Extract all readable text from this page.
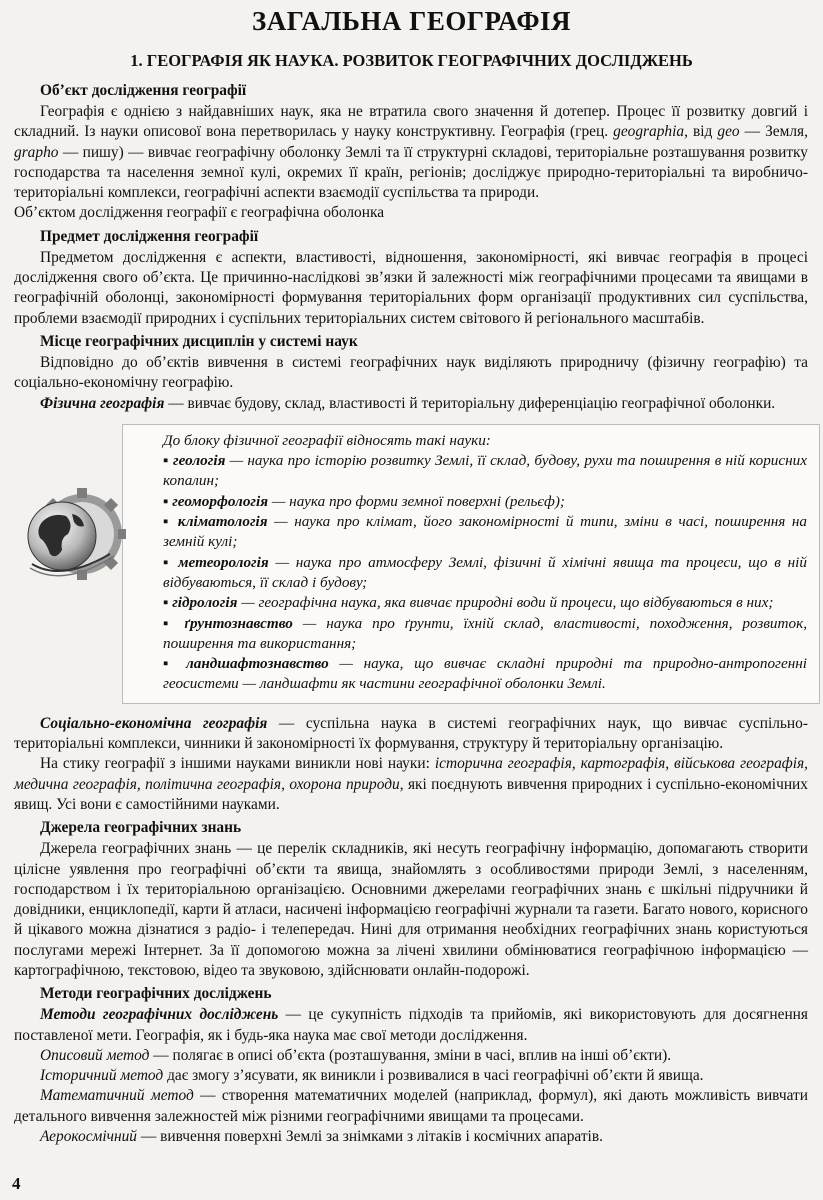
ЗАГАЛЬНА ГЕОГРАФІЯ
1. ГЕОГРАФІЯ ЯК НАУКА. РОЗВИТОК ГЕОГРАФІЧНИХ ДОСЛІДЖЕНЬ
Об’єкт дослідження географії

Географія є однією з найдавніших наук, яка не втратила свого значення й дотепер. Процес її розвитку довгий і складний. Із науки описової вона перетворилась у науку конструктивну. Географія (грец. geographia, від geo — Земля, grapho — пишу) — вивчає географічну оболонку Землі та її структурні складові, територіальне розташування розвитку господарства та населення земної кулі, окремих її країн, регіонів; досліджує природно-територіальні та виробничо-територіальні комплекси, географічні аспекти взаємодії суспільства та природи.

Об’єктом дослідження географії є географічна оболонка

Предмет дослідження географії

Предметом дослідження є аспекти, властивості, відношення, закономірності, які вивчає географія в процесі дослідження свого об’єкта. Це причинно-наслідкові зв’язки й залежності між географічними процесами та явищами в географічній оболонці, закономірності формування територіальних форм організації продуктивних сил суспільства, проблеми взаємодії природних і суспільних територіальних систем світового й регіонального масштабів.

Місце географічних дисциплін у системі наук

Відповідно до об’єктів вивчення в системі географічних наук виділяють природничу (фізичну географію) та соціально-економічну географію.

Фізична географія — вивчає будову, склад, властивості й територіальну диференціацію географічної оболонки.

До блоку фізичної географії відносять такі науки:

▪ геологія — наука про історію розвитку Землі, її склад, будову, рухи та поширення в ній корисних копалин;

▪ геоморфологія — наука про форми земної поверхні (рельєф);

▪ кліматологія — наука про клімат, його закономірності й типи, зміни в часі, поширення на земній кулі;

▪ метеорологія — наука про атмосферу Землі, фізичні й хімічні явища та процеси, що в ній відбуваються, її склад і будову;

▪ гідрологія — географічна наука, яка вивчає природні води й процеси, що відбуваються в них;

▪ ґрунтознавство — наука про ґрунти, їхній склад, властивості, походження, розвиток, поширення та використання;

▪ ландшафтознавство — наука, що вивчає складні природні та природно-антропогенні геосистеми — ландшафти як частини географічної оболонки Землі.

Соціально-економічна географія — суспільна наука в системі географічних наук, що вивчає суспільно-територіальні комплекси, чинники й закономірності їх формування, структуру й територіальну організацію.

На стику географії з іншими науками виникли нові науки: історична географія, картографія, військова географія, медична географія, політична географія, охорона природи, які поєднують вивчення природних і суспільно-економічних явищ. Усі вони є самостійними науками.

Джерела географічних знань

Джерела географічних знань — це перелік складників, які несуть географічну інформацію, допомагають створити цілісне уявлення про географічні об’єкти та явища, знайомлять з особливостями природи Землі, з населенням, господарством і їх територіальною організацією. Основними джерелами географічних знань є шкільні підручники й довідники, енциклопедії, карти й атласи, насичені інформацією географічні журнали та газети. Багато нового, корисного й цікавого можна дізнатися з радіо- і телепередач. Нині для отримання необхідних географічних знань користуються послугами мережі Інтернет. За її допомогою можна за лічені хвилини обмінюватися географічною інформацією — картографічною, текстовою, відео та звуковою, здійснювати онлайн-подорожі.

Методи географічних досліджень

Методи географічних досліджень — це сукупність підходів та прийомів, які використовують для досягнення поставленої мети. Географія, як і будь-яка наука має свої методи дослідження.

Описовий метод — полягає в описі об’єкта (розташування, зміни в часі, вплив на інші об’єкти).

Історичний метод дає змогу з’ясувати, як виникли і розвивалися в часі географічні об’єкти й явища.

Математичний метод — створення математичних моделей (наприклад, формул), які дають можливість вивчати детального вивчення залежностей між різними географічними явищами та процесами.

Аерокосмічний — вивчення поверхні Землі за знімками з літаків і космічних апаратів.

4
